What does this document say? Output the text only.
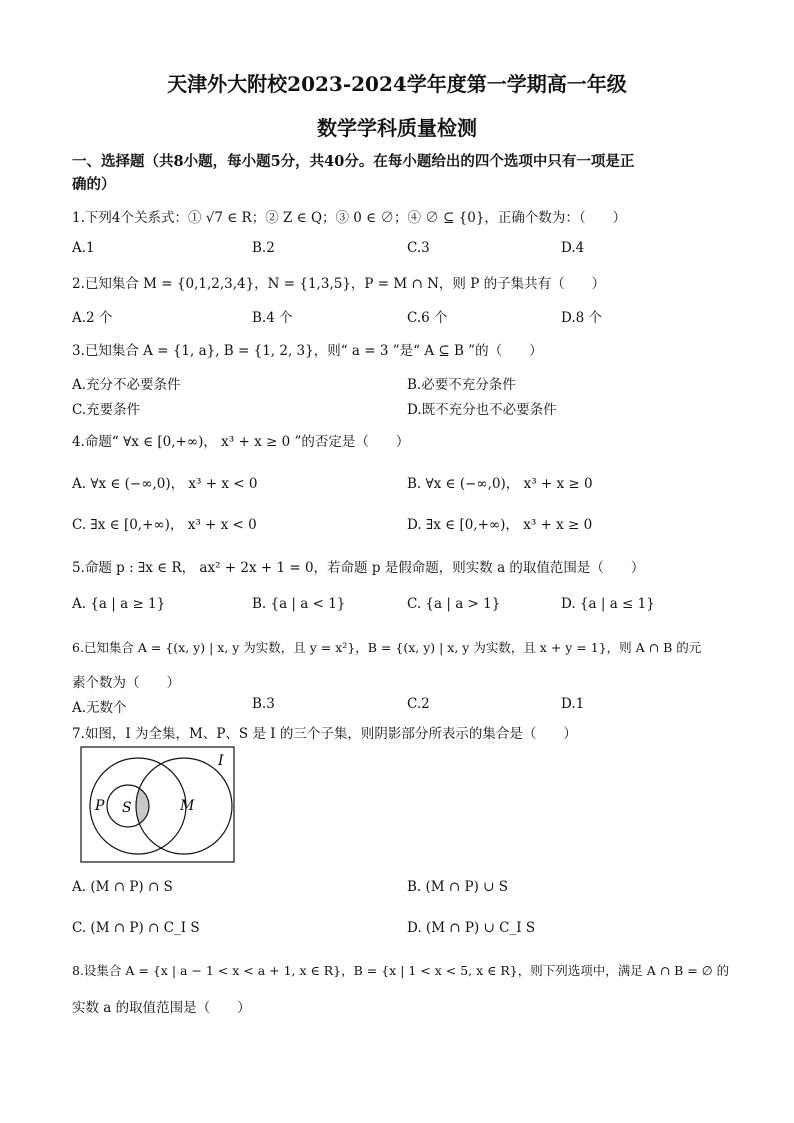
天津外大附校2023-2024学年度第一学期高一年级
数学学科质量检测
一、选择题（共8小题，每小题5分，共40分。在每小题给出的四个选项中只有一项是正
确的）
1.下列4个关系式：① √7 ∈ R；② Z ∈ Q；③ 0 ∈ ∅；④ ∅ ⊆ {0}，正确个数为：（　　）
A.1	B.2	C.3	D.4
2.已知集合 M = {0,1,2,3,4}，N = {1,3,5}，P = M ∩ N，则 P 的子集共有（　　）
A.2 个	B.4 个	C.6 个	D.8 个
3.已知集合 A = {1, a}, B = {1, 2, 3}，则“ a = 3 ”是“ A ⊆ B ”的（　　）
A.充分不必要条件	B.必要不充分条件
C.充要条件	D.既不充分也不必要条件
4.命题“ ∀x ∈ [0,+∞)， x³ + x ≥ 0 ”的否定是（　　）
A. ∀x ∈ (−∞,0)， x³ + x < 0	B. ∀x ∈ (−∞,0)， x³ + x ≥ 0
C. ∃x ∈ [0,+∞)， x³ + x < 0	D. ∃x ∈ [0,+∞)， x³ + x ≥ 0
5.命题 p : ∃x ∈ R， ax² + 2x + 1 = 0，若命题 p 是假命题，则实数 a 的取值范围是（　　）
A. {a | a ≥ 1}	B. {a | a < 1}	C. {a | a > 1}	D. {a | a ≤ 1}
6.已知集合 A = {(x, y) | x, y 为实数，且 y = x²}，B = {(x, y) | x, y 为实数，且 x + y = 1}，则 A ∩ B 的元
素个数为（　　）
A.无数个	B.3	C.2	D.1
7.如图，I 为全集，M、P、S 是 I 的三个子集，则阴影部分所表示的集合是（　　）
I
P S	M
A. (M ∩ P) ∩ S	B. (M ∩ P) ∪ S
C. (M ∩ P) ∩ C_I S	D. (M ∩ P) ∪ C_I S
8.设集合 A = {x | a − 1 < x < a + 1, x ∈ R}，B = {x | 1 < x < 5, x ∈ R}，则下列选项中，满足 A ∩ B = ∅ 的
实数 a 的取值范围是（　　）
